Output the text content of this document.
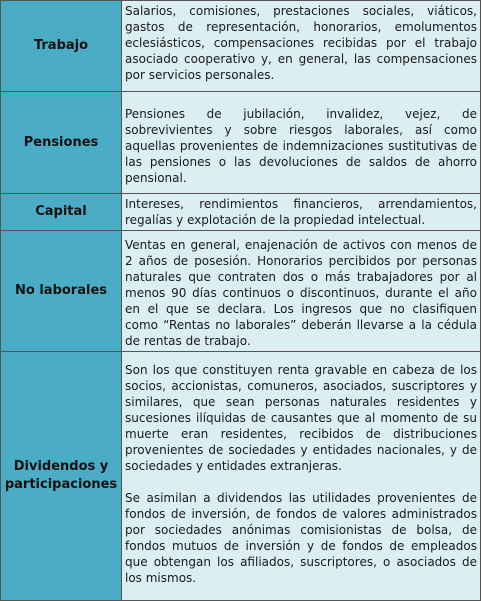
Trabajo	Salarios, comisiones, prestaciones sociales, viáticos, gastos de representación, honorarios, emolumentos eclesiásticos, compensaciones recibidas por el trabajo asociado cooperativo y, en general, las compensaciones por servicios personales.

Pensiones	Pensiones de jubilación, invalidez, vejez, de sobrevivientes y sobre riesgos laborales, así como aquellas provenientes de indemnizaciones sustitutivas de las pensiones o las devoluciones de saldos de ahorro pensional.

Capital	Intereses, rendimientos financieros, arrendamientos, regalías y explotación de la propiedad intelectual.

No laborales	Ventas en general, enajenación de activos con menos de 2 años de posesión. Honorarios percibidos por personas naturales que contraten dos o más trabajadores por al menos 90 días continuos o discontinuos, durante el año en el que se declara. Los ingresos que no clasifiquen como “Rentas no laborales” deberán llevarse a la cédula de rentas de trabajo.

Dividendos y participaciones	Son los que constituyen renta gravable en cabeza de los socios, accionistas, comuneros, asociados, suscriptores y similares, que sean personas naturales residentes y sucesiones ilíquidas de causantes que al momento de su muerte eran residentes, recibidos de distribuciones provenientes de sociedades y entidades nacionales, y de sociedades y entidades extranjeras.

Se asimilan a dividendos las utilidades provenientes de fondos de inversión, de fondos de valores administrados por sociedades anónimas comisionistas de bolsa, de fondos mutuos de inversión y de fondos de empleados que obtengan los afiliados, suscriptores, o asociados de los mismos.
